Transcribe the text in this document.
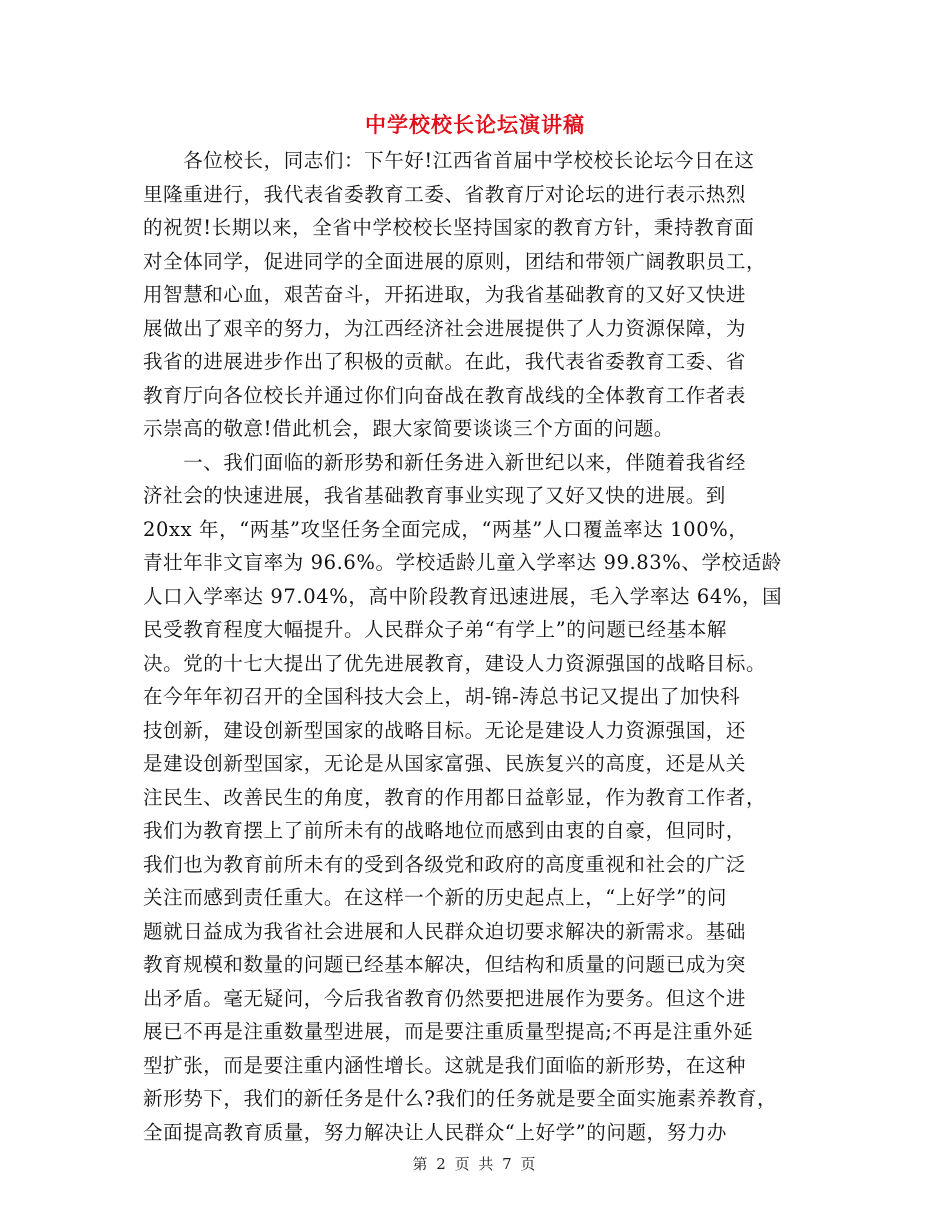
中学校校长论坛演讲稿
　　各位校长，同志们：下午好!江西省首届中学校校长论坛今日在这
里隆重进行，我代表省委教育工委、省教育厅对论坛的进行表示热烈
的祝贺!长期以来，全省中学校校长坚持国家的教育方针，秉持教育面
对全体同学，促进同学的全面进展的原则，团结和带领广阔教职员工，
用智慧和心血，艰苦奋斗，开拓进取，为我省基础教育的又好又快进
展做出了艰辛的努力，为江西经济社会进展提供了人力资源保障，为
我省的进展进步作出了积极的贡献。在此，我代表省委教育工委、省
教育厅向各位校长并通过你们向奋战在教育战线的全体教育工作者表
示崇高的敬意!借此机会，跟大家简要谈谈三个方面的问题。
　　一、我们面临的新形势和新任务进入新世纪以来，伴随着我省经
济社会的快速进展，我省基础教育事业实现了又好又快的进展。到
20xx 年，“两基”攻坚任务全面完成，“两基”人口覆盖率达 100%，
青壮年非文盲率为 96.6%。学校适龄儿童入学率达 99.83%、学校适龄
人口入学率达 97.04%，高中阶段教育迅速进展，毛入学率达 64%，国
民受教育程度大幅提升。人民群众子弟“有学上”的问题已经基本解
决。党的十七大提出了优先进展教育，建设人力资源强国的战略目标。
在今年年初召开的全国科技大会上，胡-锦-涛总书记又提出了加快科
技创新，建设创新型国家的战略目标。无论是建设人力资源强国，还
是建设创新型国家，无论是从国家富强、民族复兴的高度，还是从关
注民生、改善民生的角度，教育的作用都日益彰显，作为教育工作者，
我们为教育摆上了前所未有的战略地位而感到由衷的自豪，但同时，
我们也为教育前所未有的受到各级党和政府的高度重视和社会的广泛
关注而感到责任重大。在这样一个新的历史起点上，“上好学”的问
题就日益成为我省社会进展和人民群众迫切要求解决的新需求。基础
教育规模和数量的问题已经基本解决，但结构和质量的问题已成为突
出矛盾。毫无疑问，今后我省教育仍然要把进展作为要务。但这个进
展已不再是注重数量型进展，而是要注重质量型提高;不再是注重外延
型扩张，而是要注重内涵性增长。这就是我们面临的新形势，在这种
新形势下，我们的新任务是什么?我们的任务就是要全面实施素养教育，
全面提高教育质量，努力解决让人民群众“上好学”的问题，努力办
第 2 页 共 7 页
